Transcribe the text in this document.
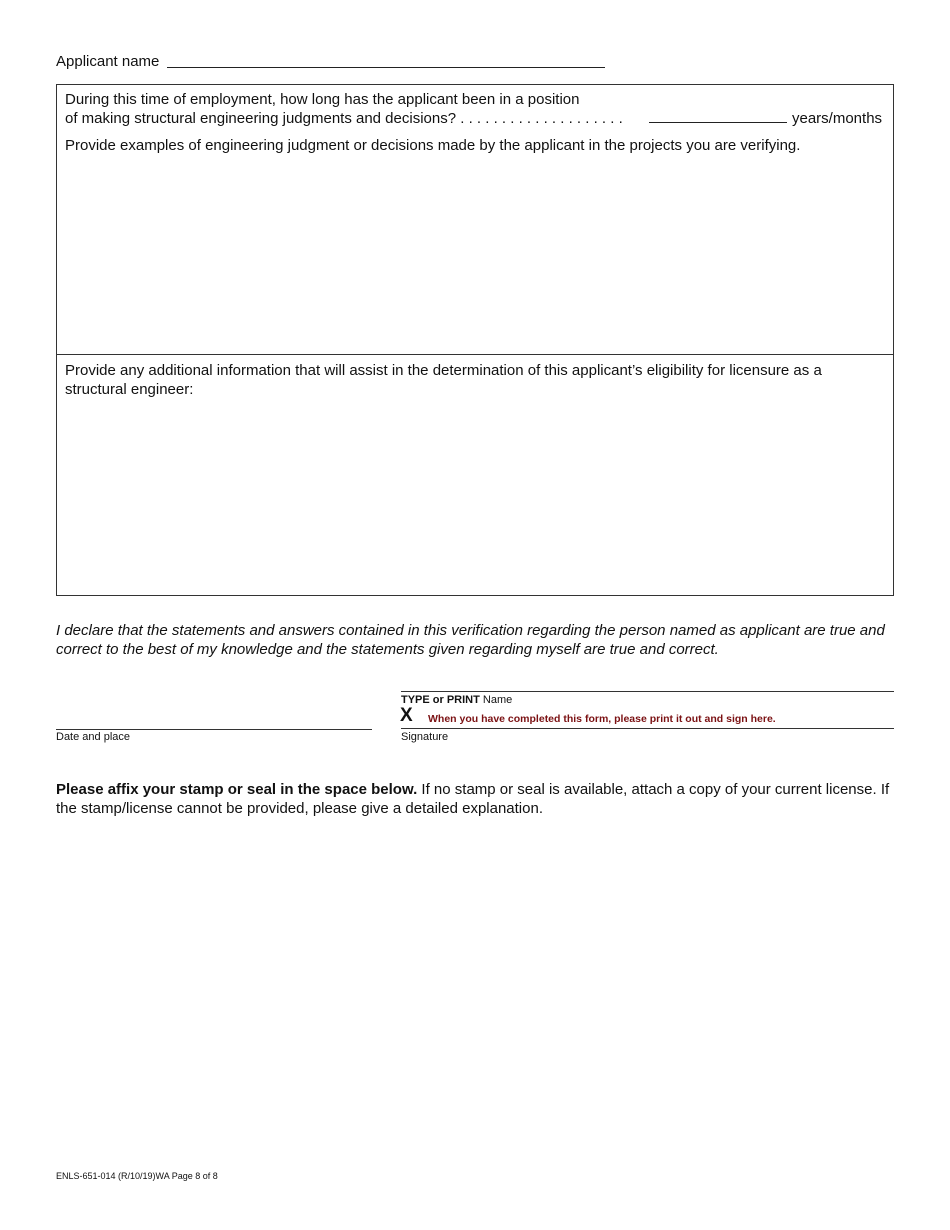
Applicant name
During this time of employment, how long has the applicant been in a position
of making structural engineering judgments and decisions? . . . . . . . . . . . . . . . . . . . .	years/months
Provide examples of engineering judgment or decisions made by the applicant in the projects you are verifying.
Provide any additional information that will assist in the determination of this applicant’s eligibility for licensure as a structural engineer:
I declare that the statements and answers contained in this verification regarding the person named as applicant are true and correct to the best of my knowledge and the statements given regarding myself are true and correct.
Date and place
TYPE or PRINT Name
X When you have completed this form, please print it out and sign here.
Signature
Please affix your stamp or seal in the space below. If no stamp or seal is available, attach a copy of your current license. If the stamp/license cannot be provided, please give a detailed explanation.
ENLS-651-014 (R/10/19)WA Page 8 of 8
